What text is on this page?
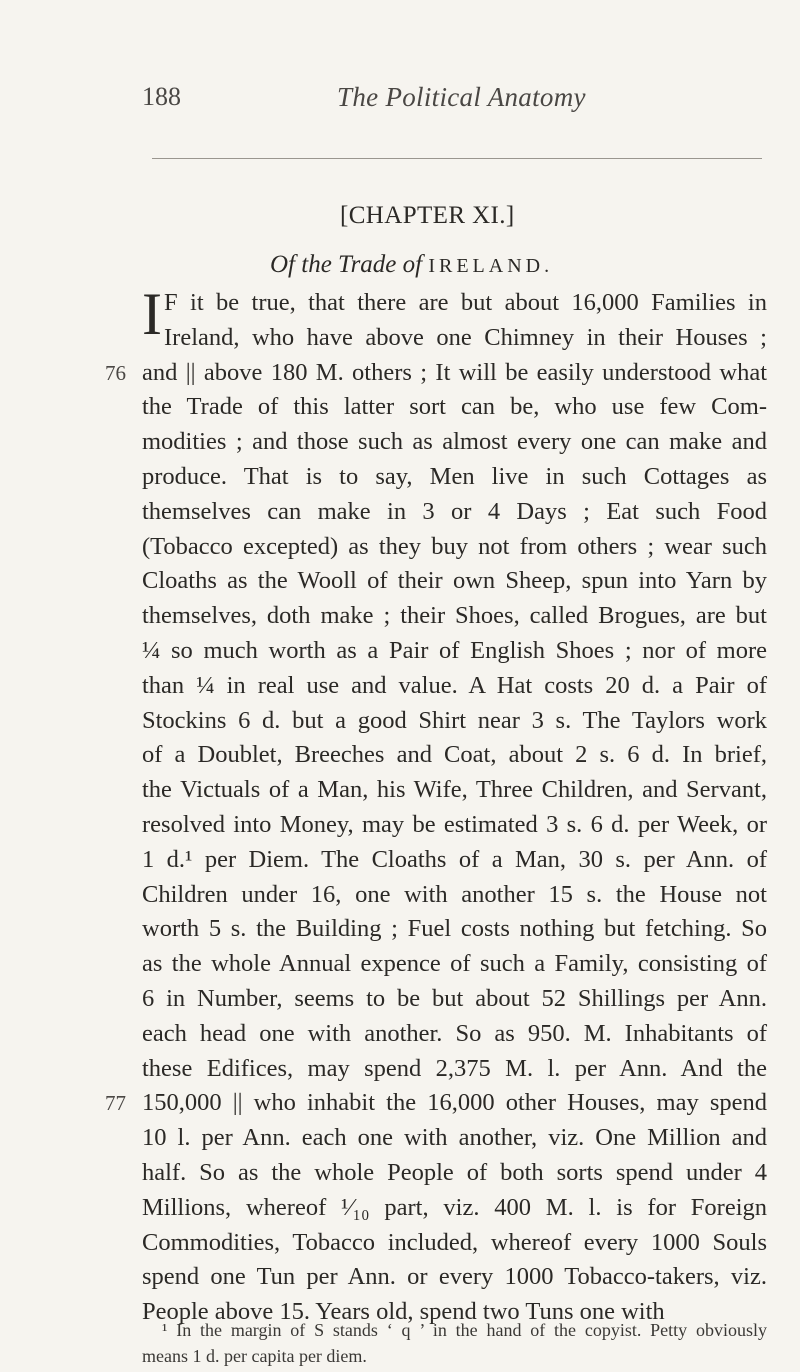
188	The Political Anatomy
[CHAPTER XI.]
Of the Trade of IRELAND.
I F it be true, that there are but about 16,000 Families in
Ireland, who have above one Chimney in their Houses ;
76 and || above 180 M. others ; It will be easily understood what
the Trade of this latter sort can be, who use few Com-
modities ; and those such as almost every one can make and
produce. That is to say, Men live in such Cottages as
themselves can make in 3 or 4 Days ; Eat such Food
(Tobacco excepted) as they buy not from others ; wear such
Cloaths as the Wooll of their own Sheep, spun into Yarn by
themselves, doth make ; their Shoes, called Brogues, are but
¼ so much worth as a Pair of English Shoes ; nor of more
than ¼ in real use and value. A Hat costs 20 d. a Pair of
Stockins 6 d. but a good Shirt near 3 s. The Taylors work
of a Doublet, Breeches and Coat, about 2 s. 6 d. In brief,
the Victuals of a Man, his Wife, Three Children, and Servant,
resolved into Money, may be estimated 3 s. 6 d. per Week, or
1 d.¹ per Diem. The Cloaths of a Man, 30 s. per Ann. of
Children under 16, one with another 15 s. the House not
worth 5 s. the Building ; Fuel costs nothing but fetching. So
as the whole Annual expence of such a Family, consisting of
6 in Number, seems to be but about 52 Shillings per Ann.
each head one with another. So as 950. M. Inhabitants of
these Edifices, may spend 2,375 M. l. per Ann. And the
77 150,000 || who inhabit the 16,000 other Houses, may spend
10 l. per Ann. each one with another, viz. One Million and
half. So as the whole People of both sorts spend under 4
Millions, whereof ¹⁄₁₀ part, viz. 400 M. l. is for Foreign
Commodities, Tobacco included, whereof every 1000 Souls
spend one Tun per Ann. or every 1000 Tobacco-takers, viz.
People above 15. Years old, spend two Tuns one with
¹ In the margin of S stands ‘ q ’ in the hand of the copyist. Petty obviously
means 1 d. per capita per diem.
